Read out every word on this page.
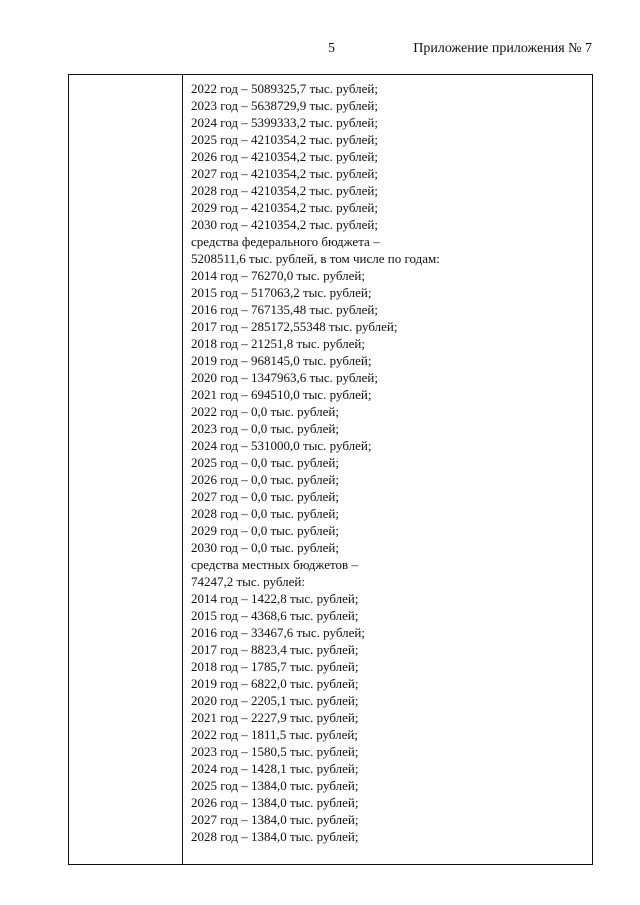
5	Приложение приложения № 7
2022 год – 5089325,7 тыс. рублей;
2023 год – 5638729,9 тыс. рублей;
2024 год – 5399333,2 тыс. рублей;
2025 год – 4210354,2 тыс. рублей;
2026 год – 4210354,2 тыс. рублей;
2027 год – 4210354,2 тыс. рублей;
2028 год – 4210354,2 тыс. рублей;
2029 год – 4210354,2 тыс. рублей;
2030 год – 4210354,2 тыс. рублей;
средства федерального бюджета –
5208511,6 тыс. рублей, в том числе по годам:
2014 год – 76270,0 тыс. рублей;
2015 год – 517063,2 тыс. рублей;
2016 год – 767135,48 тыс. рублей;
2017 год – 285172,55348 тыс. рублей;
2018 год – 21251,8 тыс. рублей;
2019 год – 968145,0 тыс. рублей;
2020 год – 1347963,6 тыс. рублей;
2021 год – 694510,0 тыс. рублей;
2022 год – 0,0 тыс. рублей;
2023 год – 0,0 тыс. рублей;
2024 год – 531000,0 тыс. рублей;
2025 год – 0,0 тыс. рублей;
2026 год – 0,0 тыс. рублей;
2027 год – 0,0 тыс. рублей;
2028 год – 0,0 тыс. рублей;
2029 год – 0,0 тыс. рублей;
2030 год – 0,0 тыс. рублей;
средства местных бюджетов –
74247,2 тыс. рублей:
2014 год – 1422,8 тыс. рублей;
2015 год – 4368,6 тыс. рублей;
2016 год – 33467,6 тыс. рублей;
2017 год – 8823,4 тыс. рублей;
2018 год – 1785,7 тыс. рублей;
2019 год – 6822,0 тыс. рублей;
2020 год – 2205,1 тыс. рублей;
2021 год – 2227,9 тыс. рублей;
2022 год – 1811,5 тыс. рублей;
2023 год – 1580,5 тыс. рублей;
2024 год – 1428,1 тыс. рублей;
2025 год – 1384,0 тыс. рублей;
2026 год – 1384,0 тыс. рублей;
2027 год – 1384,0 тыс. рублей;
2028 год – 1384,0 тыс. рублей;
